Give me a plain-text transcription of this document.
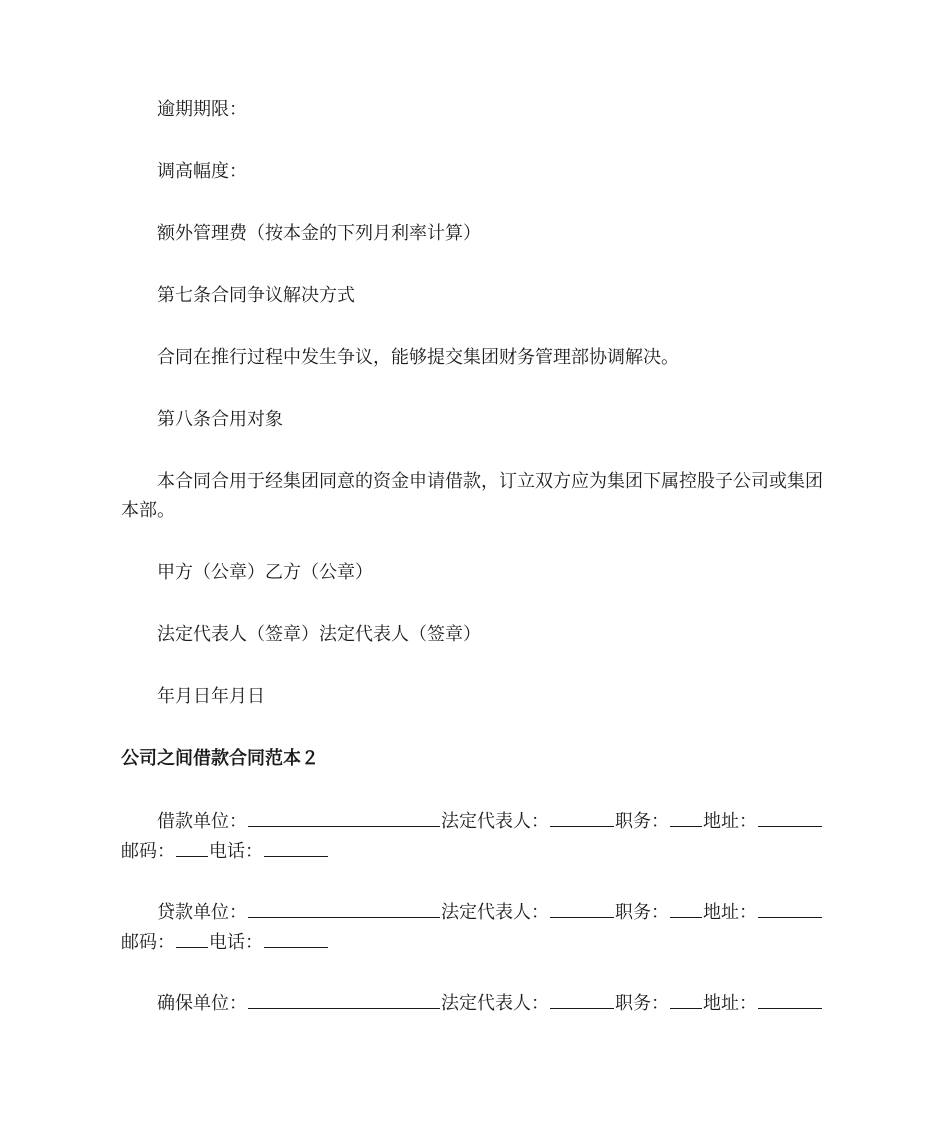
逾期期限：

调高幅度：

额外管理费（按本金的下列月利率计算）

第七条合同争议解决方式

合同在推行过程中发生争议，能够提交集团财务管理部协调解决。

第八条合用对象

本合同合用于经集团同意的资金申请借款，订立双方应为集团下属控股子公司或集团本部。

甲方（公章）乙方（公章）

法定代表人（签章）法定代表人（签章）

年月日年月日

公司之间借款合同范本２
借款单位：	法定代表人：	职务： 地址：
邮码： 电话：
贷款单位：	法定代表人：	职务： 地址：
邮码： 电话：
确保单位：	法定代表人：	职务： 地址：
